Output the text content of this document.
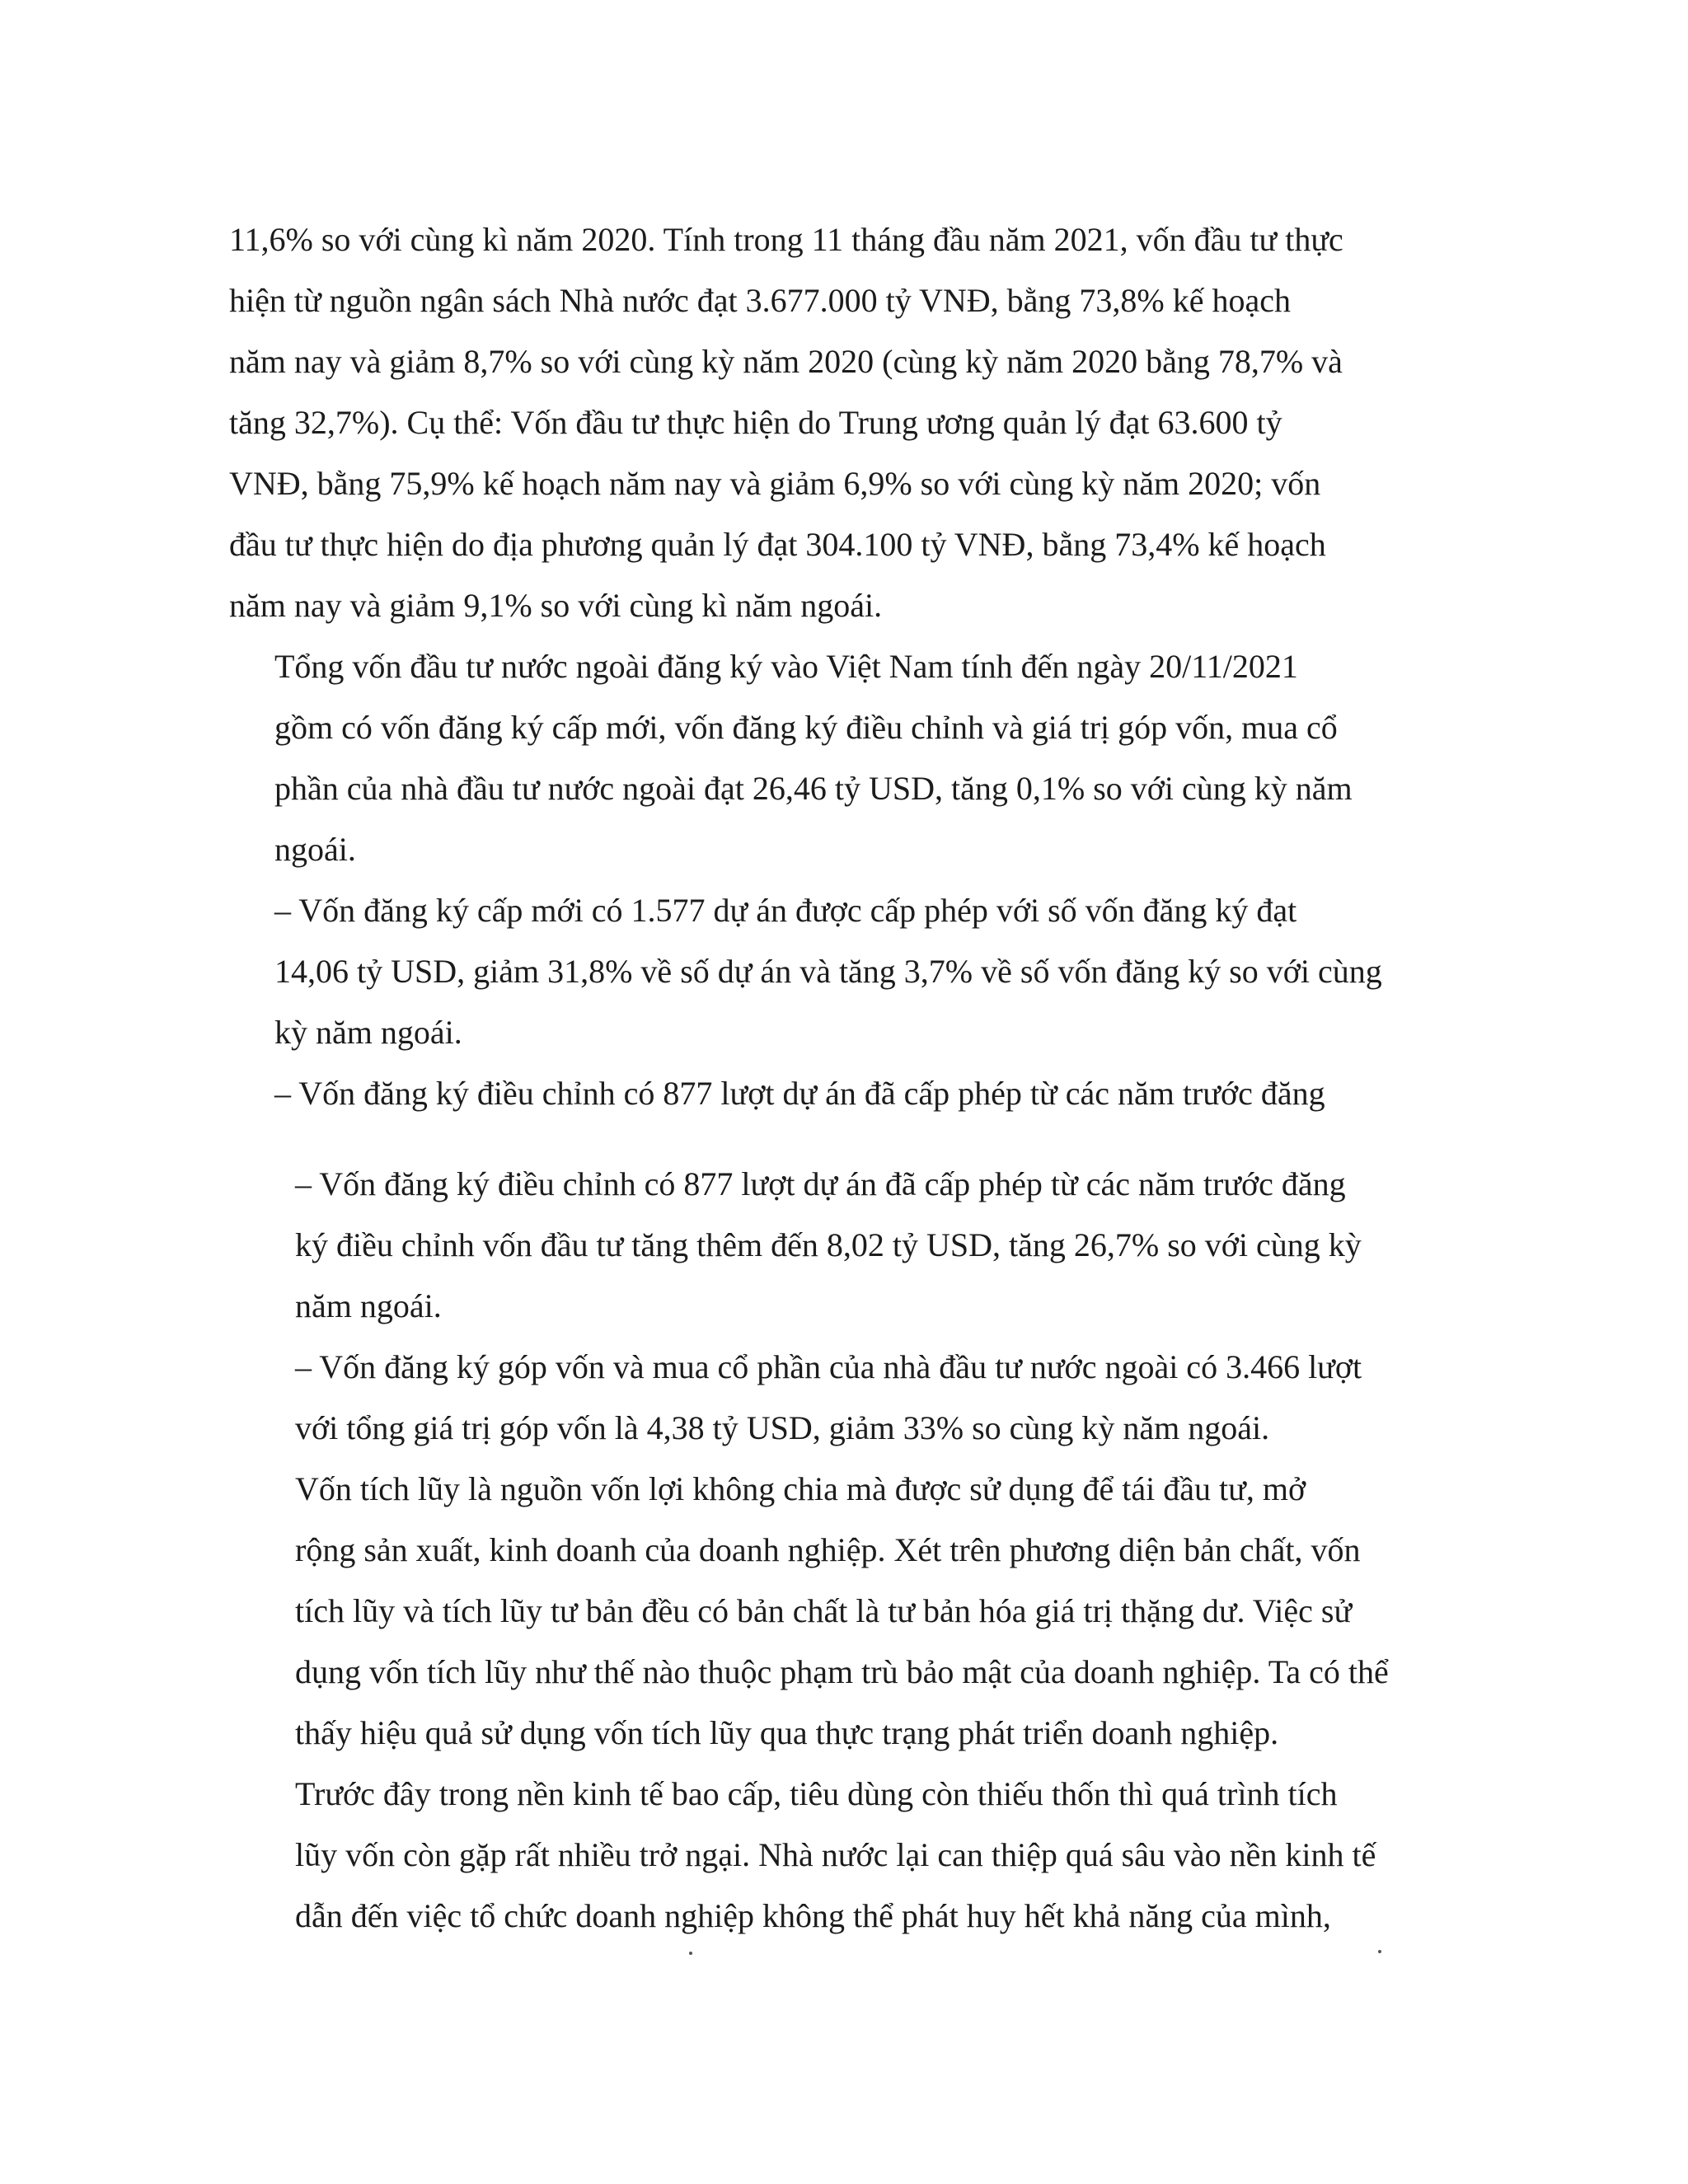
11,6% so với cùng kì năm 2020. Tính trong 11 tháng đầu năm 2021, vốn đầu tư thực
hiện từ nguồn ngân sách Nhà nước đạt 3.677.000 tỷ VNĐ, bằng 73,8% kế hoạch
năm nay và giảm 8,7% so với cùng kỳ năm 2020 (cùng kỳ năm 2020 bằng 78,7% và
tăng 32,7%). Cụ thể: Vốn đầu tư thực hiện do Trung ương quản lý đạt 63.600 tỷ
VNĐ, bằng 75,9% kế hoạch năm nay và giảm 6,9% so với cùng kỳ năm 2020; vốn
đầu tư thực hiện do địa phương quản lý đạt 304.100 tỷ VNĐ, bằng 73,4% kế hoạch
năm nay và giảm 9,1% so với cùng kì năm ngoái.

Tổng vốn đầu tư nước ngoài đăng ký vào Việt Nam tính đến ngày 20/11/2021
gồm có vốn đăng ký cấp mới, vốn đăng ký điều chỉnh và giá trị góp vốn, mua cổ
phần của nhà đầu tư nước ngoài đạt 26,46 tỷ USD, tăng 0,1% so với cùng kỳ năm
ngoái.

– Vốn đăng ký cấp mới có 1.577 dự án được cấp phép với số vốn đăng ký đạt
14,06 tỷ USD, giảm 31,8% về số dự án và tăng 3,7% về số vốn đăng ký so với cùng
kỳ năm ngoái.

– Vốn đăng ký điều chỉnh có 877 lượt dự án đã cấp phép từ các năm trước đăng

– Vốn đăng ký điều chỉnh có 877 lượt dự án đã cấp phép từ các năm trước đăng
ký điều chỉnh vốn đầu tư tăng thêm đến 8,02 tỷ USD, tăng 26,7% so với cùng kỳ
năm ngoái.

– Vốn đăng ký góp vốn và mua cổ phần của nhà đầu tư nước ngoài có 3.466 lượt
với tổng giá trị góp vốn là 4,38 tỷ USD, giảm 33% so cùng kỳ năm ngoái.

Vốn tích lũy là nguồn vốn lợi không chia mà được sử dụng để tái đầu tư, mở
rộng sản xuất, kinh doanh của doanh nghiệp. Xét trên phương diện bản chất, vốn
tích lũy và tích lũy tư bản đều có bản chất là tư bản hóa giá trị thặng dư. Việc sử
dụng vốn tích lũy như thế nào thuộc phạm trù bảo mật của doanh nghiệp. Ta có thể
thấy hiệu quả sử dụng vốn tích lũy qua thực trạng phát triển doanh nghiệp.

Trước đây trong nền kinh tế bao cấp, tiêu dùng còn thiếu thốn thì quá trình tích
lũy vốn còn gặp rất nhiều trở ngại. Nhà nước lại can thiệp quá sâu vào nền kinh tế
dẫn đến việc tổ chức doanh nghiệp không thể phát huy hết khả năng của mình,
